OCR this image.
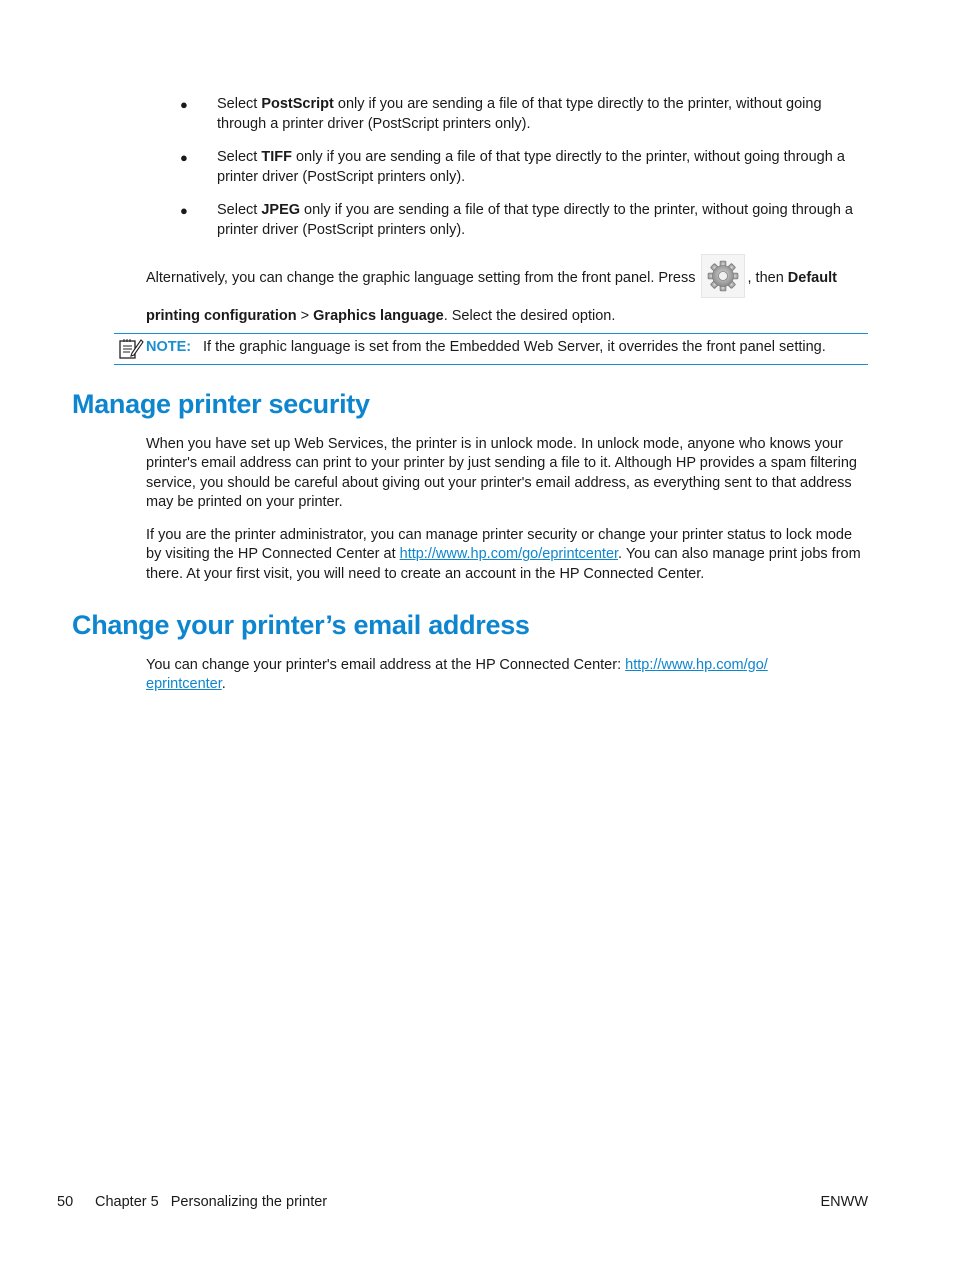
● Select PostScript only if you are sending a file of that type directly to the printer, without going through a printer driver (PostScript printers only).
● Select TIFF only if you are sending a file of that type directly to the printer, without going through a printer driver (PostScript printers only).
● Select JPEG only if you are sending a file of that type directly to the printer, without going through a printer driver (PostScript printers only).
Alternatively, you can change the graphic language setting from the front panel. Press	, then Default printing configuration > Graphics language. Select the desired option.
NOTE: If the graphic language is set from the Embedded Web Server, it overrides the front panel setting.
Manage printer security
When you have set up Web Services, the printer is in unlock mode. In unlock mode, anyone who knows your printer's email address can print to your printer by just sending a file to it. Although HP provides a spam filtering service, you should be careful about giving out your printer's email address, as everything sent to that address may be printed on your printer.
If you are the printer administrator, you can manage printer security or change your printer status to lock mode by visiting the HP Connected Center at http://www.hp.com/go/eprintcenter. You can also manage print jobs from there. At your first visit, you will need to create an account in the HP Connected Center.
Change your printer’s email address
You can change your printer's email address at the HP Connected Center: http://www.hp.com/go/
eprintcenter.
50 Chapter 5   Personalizing the printer	ENWW
